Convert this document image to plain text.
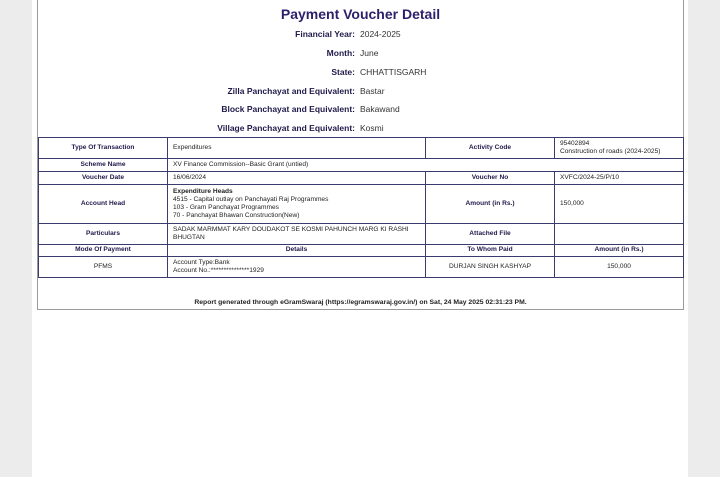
Payment Voucher Detail
Financial Year: 2024-2025
Month: June
State: CHHATTISGARH
Zilla Panchayat and Equivalent: Bastar
Block Panchayat and Equivalent: Bakawand
Village Panchayat and Equivalent: Kosmi
Type Of Transaction	Expenditures	Activity Code	95402894
Construction of roads (2024-2025)

Scheme Name	XV Finance Commission--Basic Grant (untied)		
Voucher Date	16/06/2024	Voucher No	XVFC/2024-25/P/10
Account Head	Expenditure Heads
4515 - Capital outlay on Panchayati Raj Programmes
103 - Gram Panchayat Programmes
70 - Panchayat Bhawan Construction(New)	Amount (in Rs.)	150,000
Particulars	SADAK MARMMAT KARY DOUDAKOT SE KOSMI PAHUNCH MARG KI RASHI BHUGTAN	Attached File	
Mode Of Payment	Details	To Whom Paid	Amount (in Rs.)
PFMS	Account Type:Bank
Account No.:***************1929	DURJAN SINGH KASHYAP	150,000
Report generated through eGramSwaraj (https://egramswaraj.gov.in/) on Sat, 24 May 2025 02:31:23 PM.
